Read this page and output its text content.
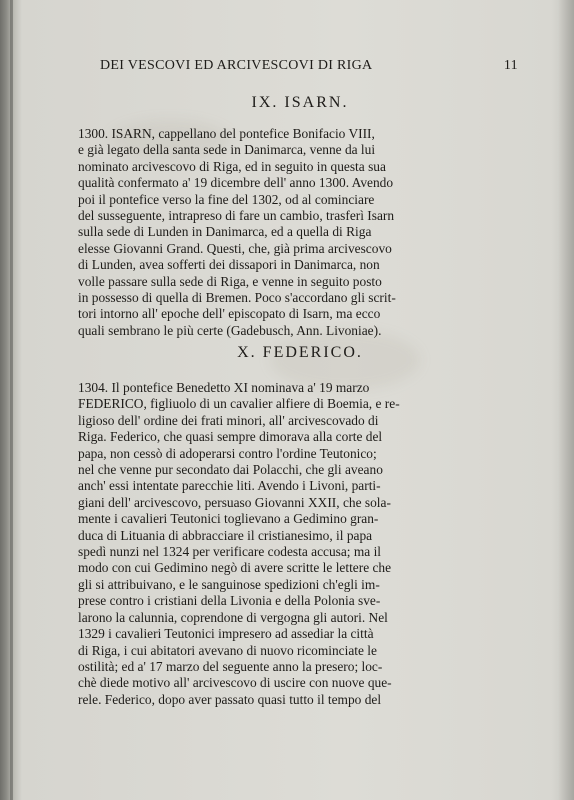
DEI VESCOVI ED ARCIVESCOVI DI RIGA	11
IX. ISARN.
1300. ISARN, cappellano del pontefice Bonifacio VIII,
e già legato della santa sede in Danimarca, venne da lui
nominato arcivescovo di Riga, ed in seguito in questa sua
qualità confermato a' 19 dicembre dell' anno 1300. Avendo
poi il pontefice verso la fine del 1302, od al cominciare
del susseguente, intrapreso di fare un cambio, trasferì Isarn
sulla sede di Lunden in Danimarca, ed a quella di Riga
elesse Giovanni Grand. Questi, che, già prima arcivescovo
di Lunden, avea sofferti dei dissapori in Danimarca, non
volle passare sulla sede di Riga, e venne in seguito posto
in possesso di quella di Bremen. Poco s'accordano gli scrit-
tori intorno all' epoche dell' episcopato di Isarn, ma ecco
quali sembrano le più certe (Gadebusch, Ann. Livoniae).
X. FEDERICO.
1304. Il pontefice Benedetto XI nominava a' 19 marzo
FEDERICO, figliuolo di un cavalier alfiere di Boemia, e re-
ligioso dell' ordine dei frati minori, all' arcivescovado di
Riga. Federico, che quasi sempre dimorava alla corte del
papa, non cessò di adoperarsi contro l'ordine Teutonico;
nel che venne pur secondato dai Polacchi, che gli aveano
anch' essi intentate parecchie liti. Avendo i Livoni, parti-
giani dell' arcivescovo, persuaso Giovanni XXII, che sola-
mente i cavalieri Teutonici toglievano a Gedimino gran-
duca di Lituania di abbracciare il cristianesimo, il papa
spedì nunzi nel 1324 per verificare codesta accusa; ma il
modo con cui Gedimino negò di avere scritte le lettere che
gli si attribuivano, e le sanguinose spedizioni ch'egli im-
prese contro i cristiani della Livonia e della Polonia sve-
larono la calunnia, coprendone di vergogna gli autori. Nel
1329 i cavalieri Teutonici impresero ad assediar la città
di Riga, i cui abitatori avevano di nuovo ricominciate le
ostilità; ed a' 17 marzo del seguente anno la presero; loc-
chè diede motivo all' arcivescovo di uscire con nuove que-
rele. Federico, dopo aver passato quasi tutto il tempo del
